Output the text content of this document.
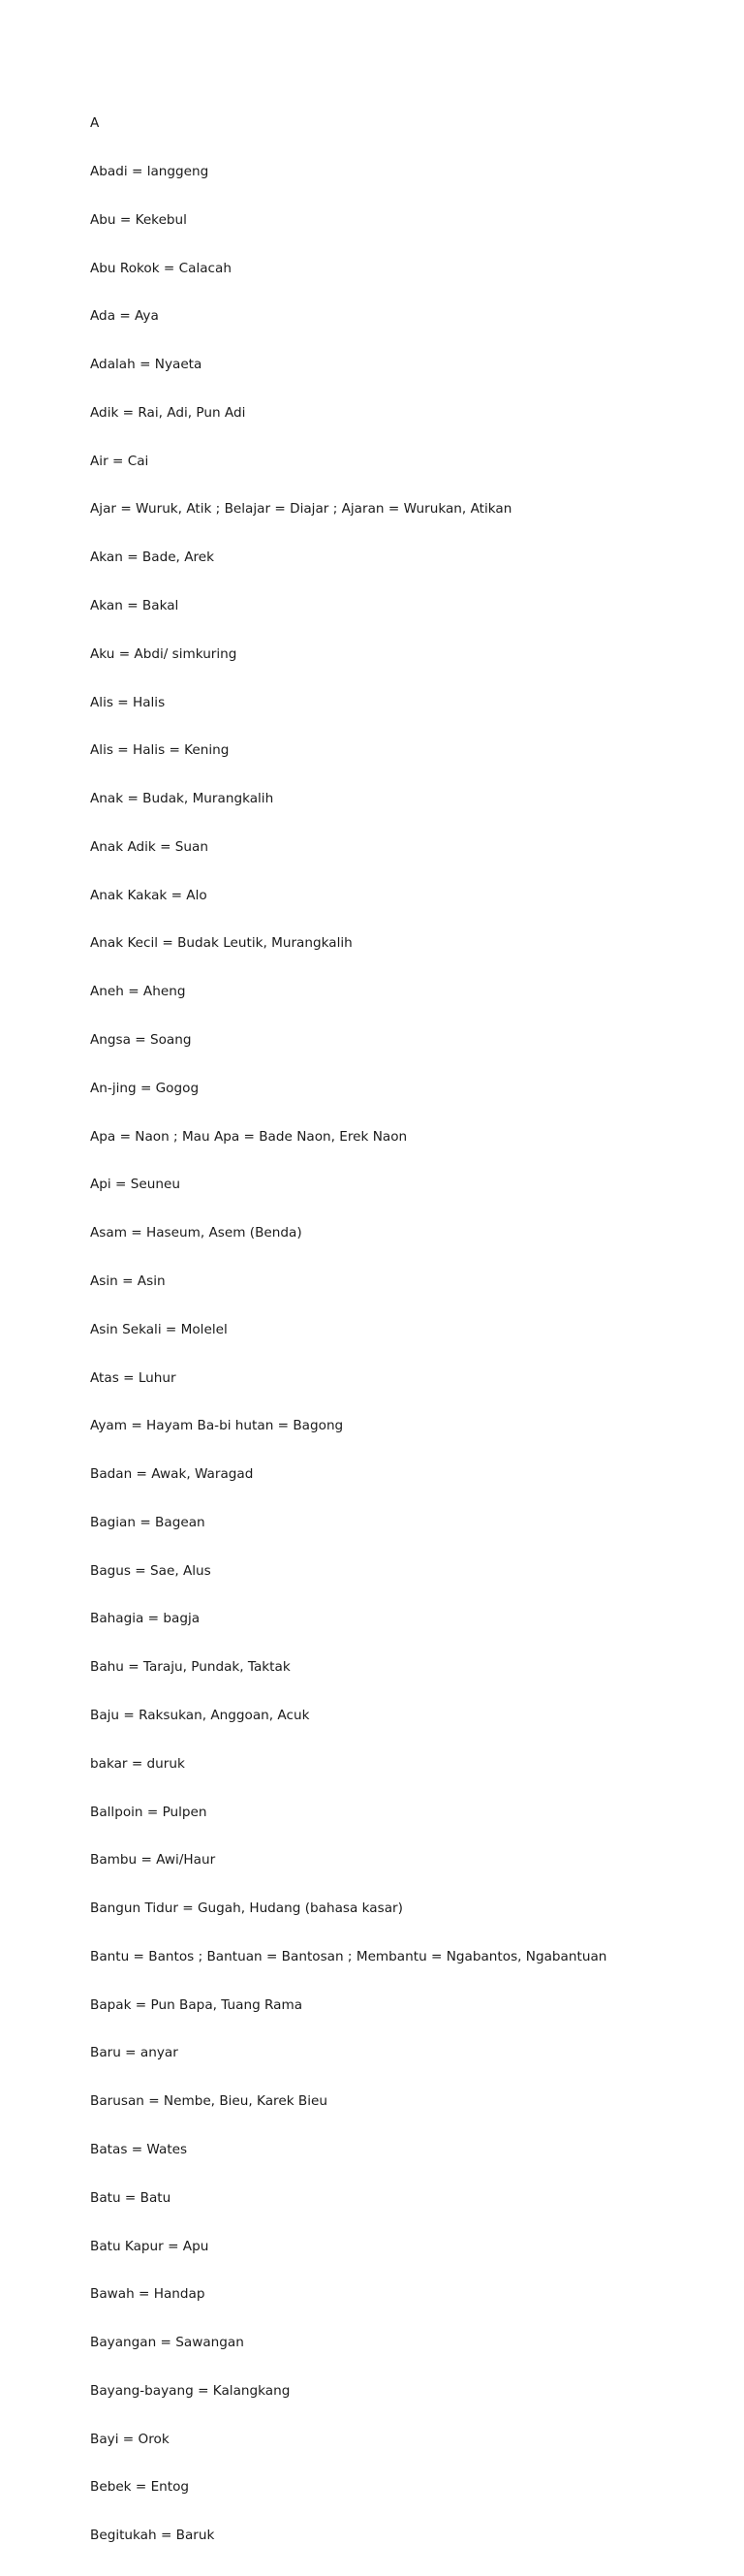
A

Abadi = langgeng

Abu = Kekebul

Abu Rokok = Calacah

Ada = Aya

Adalah = Nyaeta

Adik = Rai, Adi, Pun Adi

Air = Cai

Ajar = Wuruk, Atik ; Belajar = Diajar ; Ajaran = Wurukan, Atikan

Akan = Bade, Arek

Akan = Bakal

Aku = Abdi/ simkuring

Alis = Halis

Alis = Halis = Kening

Anak = Budak, Murangkalih

Anak Adik = Suan

Anak Kakak = Alo

Anak Kecil = Budak Leutik, Murangkalih

Aneh = Aheng

Angsa = Soang

An-jing = Gogog

Apa = Naon ; Mau Apa = Bade Naon, Erek Naon

Api = Seuneu

Asam = Haseum, Asem (Benda)

Asin = Asin

Asin Sekali = Molelel

Atas = Luhur

Ayam = Hayam Ba-bi hutan = Bagong

Badan = Awak, Waragad

Bagian = Bagean

Bagus = Sae, Alus

Bahagia = bagja

Bahu = Taraju, Pundak, Taktak

Baju = Raksukan, Anggoan, Acuk

bakar = duruk

Ballpoin = Pulpen

Bambu = Awi/Haur

Bangun Tidur = Gugah, Hudang (bahasa kasar)

Bantu = Bantos ; Bantuan = Bantosan ; Membantu = Ngabantos, Ngabantuan

Bapak = Pun Bapa, Tuang Rama

Baru = anyar

Barusan = Nembe, Bieu, Karek Bieu

Batas = Wates

Batu = Batu

Batu Kapur = Apu

Bawah = Handap

Bayangan = Sawangan

Bayang-bayang = Kalangkang

Bayi = Orok

Bebek = Entog

Begitukah = Baruk
